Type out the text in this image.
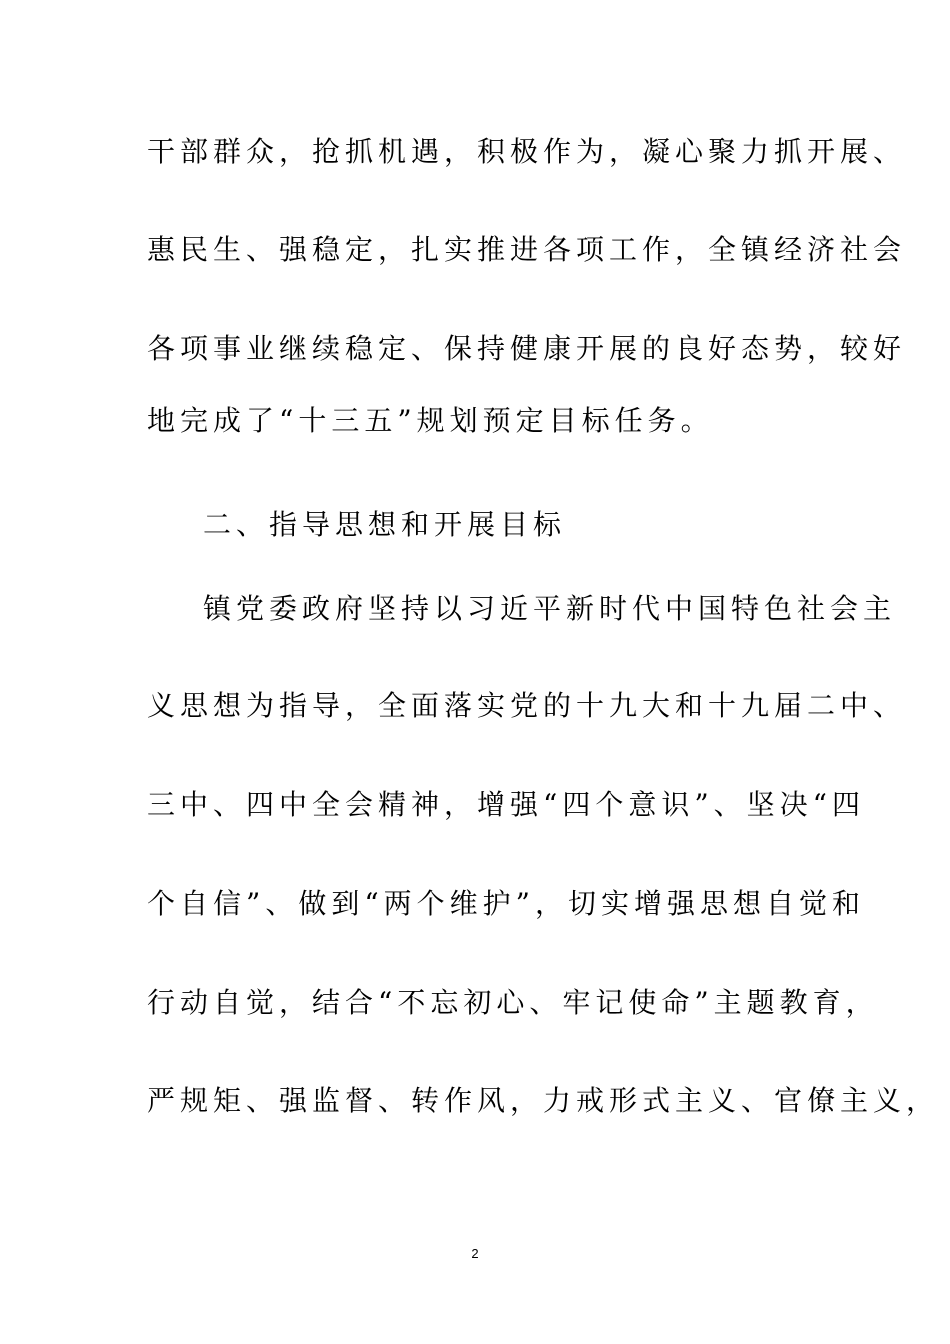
干部群众，抢抓机遇，积极作为，凝心聚力抓开展、
惠民生、强稳定，扎实推进各项工作，全镇经济社会
各项事业继续稳定、保持健康开展的良好态势，较好
地完成了“十三五”规划预定目标任务。
二、指导思想和开展目标
镇党委政府坚持以习近平新时代中国特色社会主
义思想为指导，全面落实党的十九大和十九届二中、
三中、四中全会精神，增强“四个意识”、坚决“四
个自信”、做到“两个维护”，切实增强思想自觉和
行动自觉，结合“不忘初心、牢记使命”主题教育，
严规矩、强监督、转作风，力戒形式主义、官僚主义，
2
